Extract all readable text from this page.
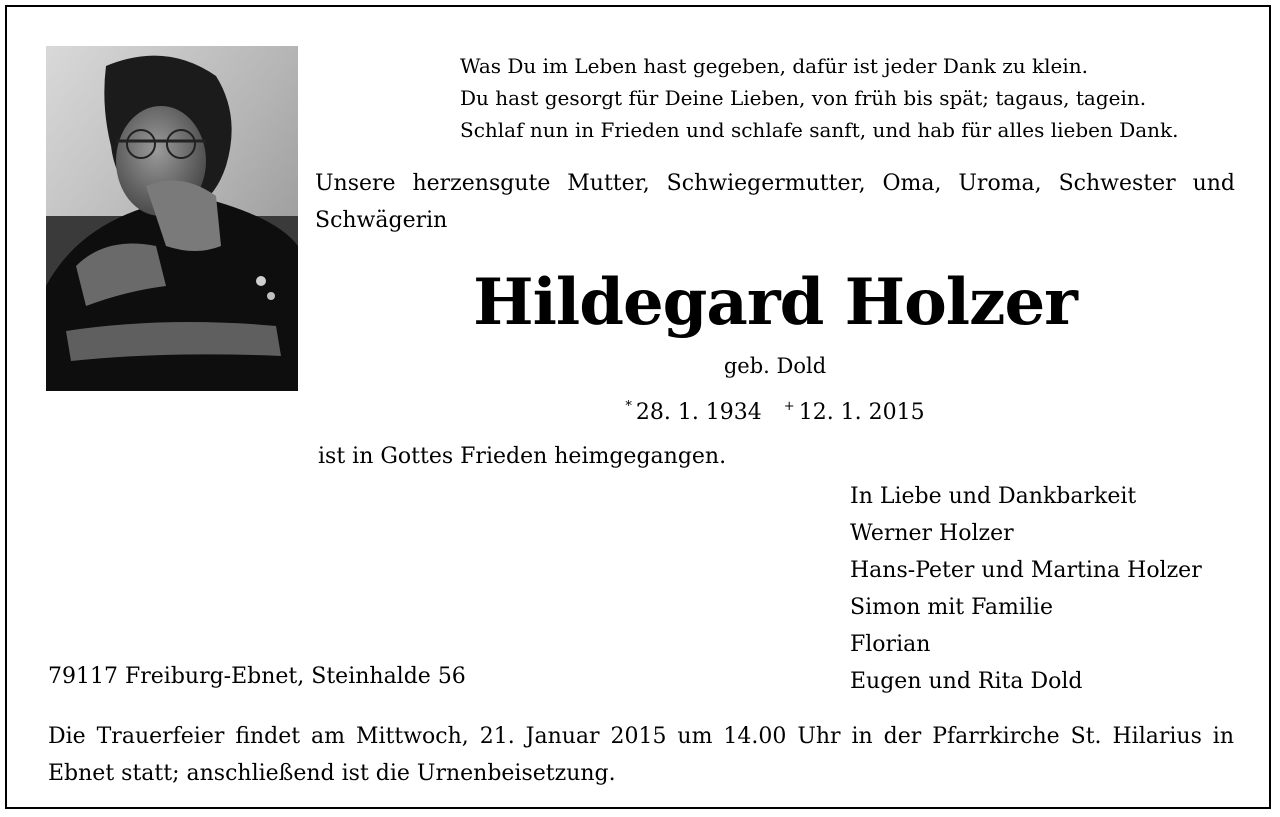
Was Du im Leben hast gegeben, dafür ist jeder Dank zu klein.
Du hast gesorgt für Deine Lieben, von früh bis spät; tagaus, tagein.
Schlaf nun in Frieden und schlafe sanft, und hab für alles lieben Dank.
Unsere herzensgute Mutter, Schwiegermutter, Oma, Uroma, Schwester und Schwägerin
Hildegard Holzer
geb. Dold
* 28. 1. 1934 + 12. 1. 2015
ist in Gottes Frieden heimgegangen.
In Liebe und Dankbarkeit
Werner Holzer
Hans-Peter und Martina Holzer
Simon mit Familie
Florian
Eugen und Rita Dold
79117 Freiburg-Ebnet, Steinhalde 56
Die Trauerfeier findet am Mittwoch, 21. Januar 2015 um 14.00 Uhr in der Pfarrkirche St. Hilarius in Ebnet statt; anschließend ist die Urnenbeisetzung.
